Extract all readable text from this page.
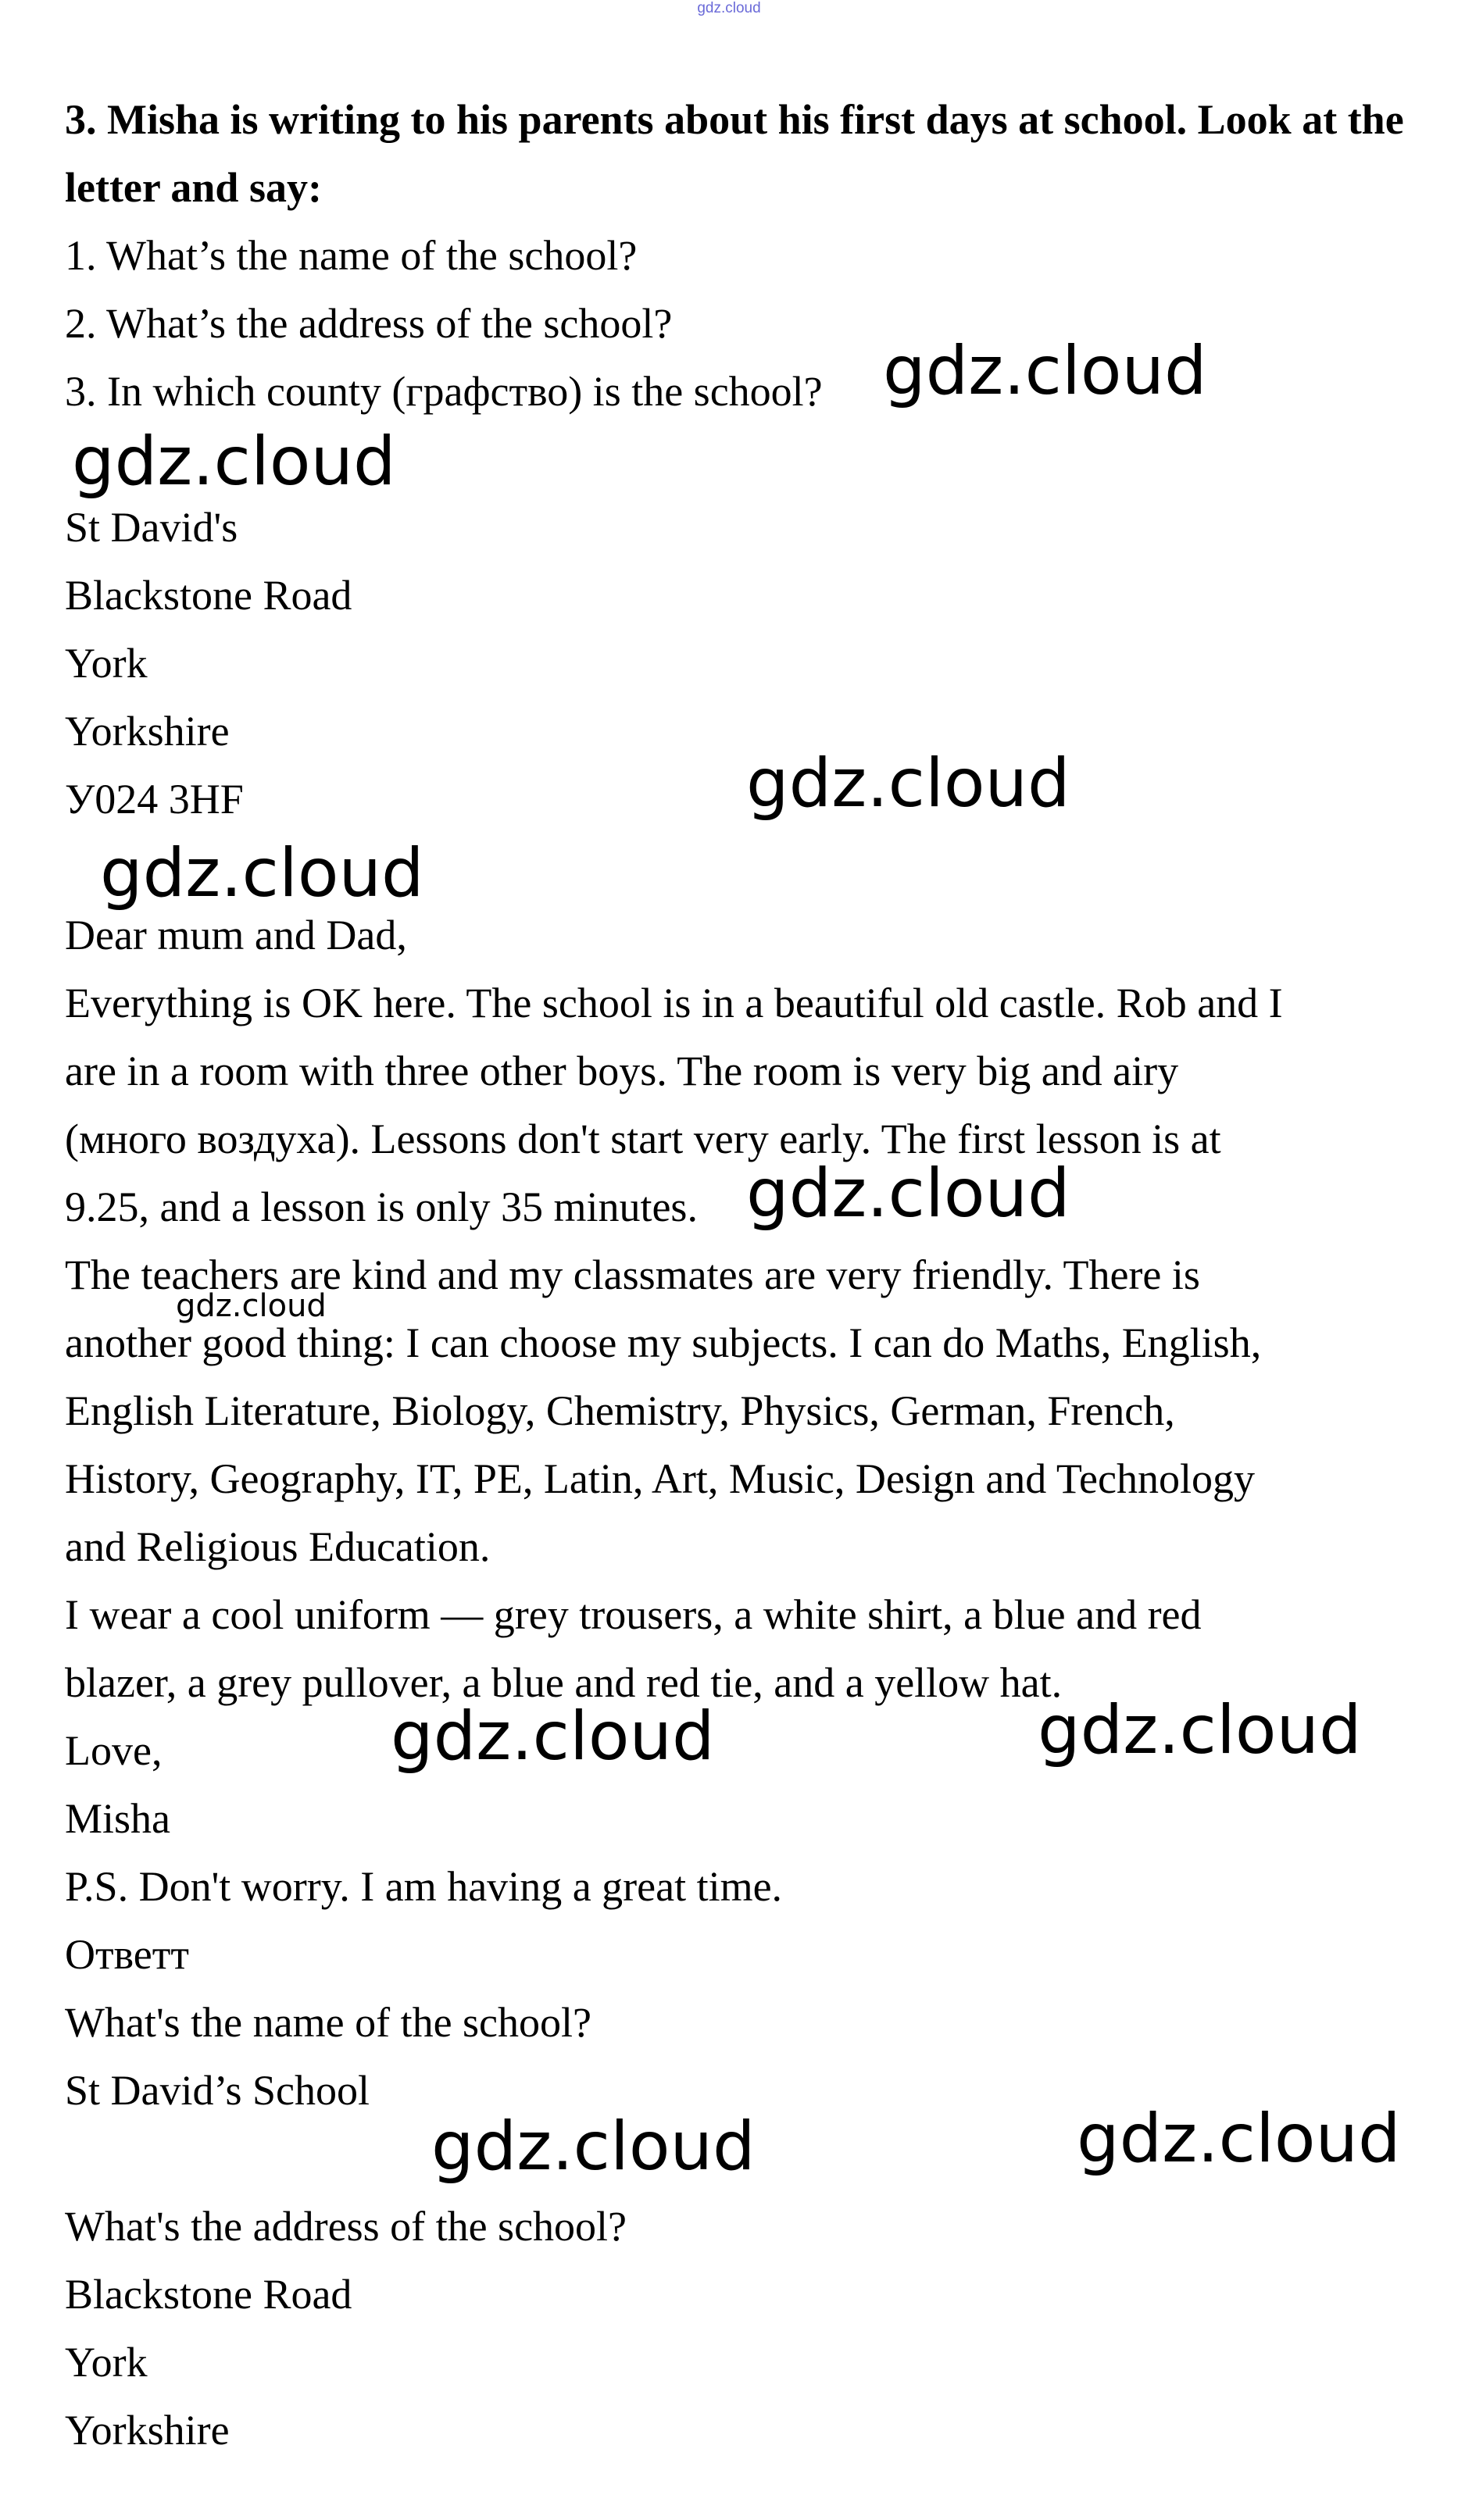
gdz.cloud
3. Misha is writing to his parents about his first days at school. Look at the letter and say:
1. What’s the name of the school?
2. What’s the address of the school?
3. In which county (графство) is the school?
St David's
Blackstone Road
York
Yorkshire
У024 3HF
Dear mum and Dad,
Everything is OK here. The school is in a beautiful old castle. Rob and I
are in a room with three other boys. The room is very big and airy
(много воздуха). Lessons don't start very early. The first lesson is at
9.25, and a lesson is only 35 minutes.
The teachers are kind and my classmates are very friendly. There is
another good thing: I can choose my subjects. I can do Maths, English,
English Literature, Biology, Chemistry, Physics, German, French,
History, Geography, IT, PE, Latin, Art, Music, Design and Technology
and Religious Education.
I wear a cool uniform — grey trousers, a white shirt, a blue and red
blazer, a grey pullover, a blue and red tie, and a yellow hat.
Love,
Misha
P.S. Don't worry. I am having a great time.
Ответт
What's the name of the school?
St David’s School
What's the address of the school?
Blackstone Road
York
Yorkshire
gdz.cloud
gdz.cloud
gdz.cloud
gdz.cloud
gdz.cloud
gdz.cloud
gdz.cloud	gdz.cloud
gdz.cloud	gdz.cloud
